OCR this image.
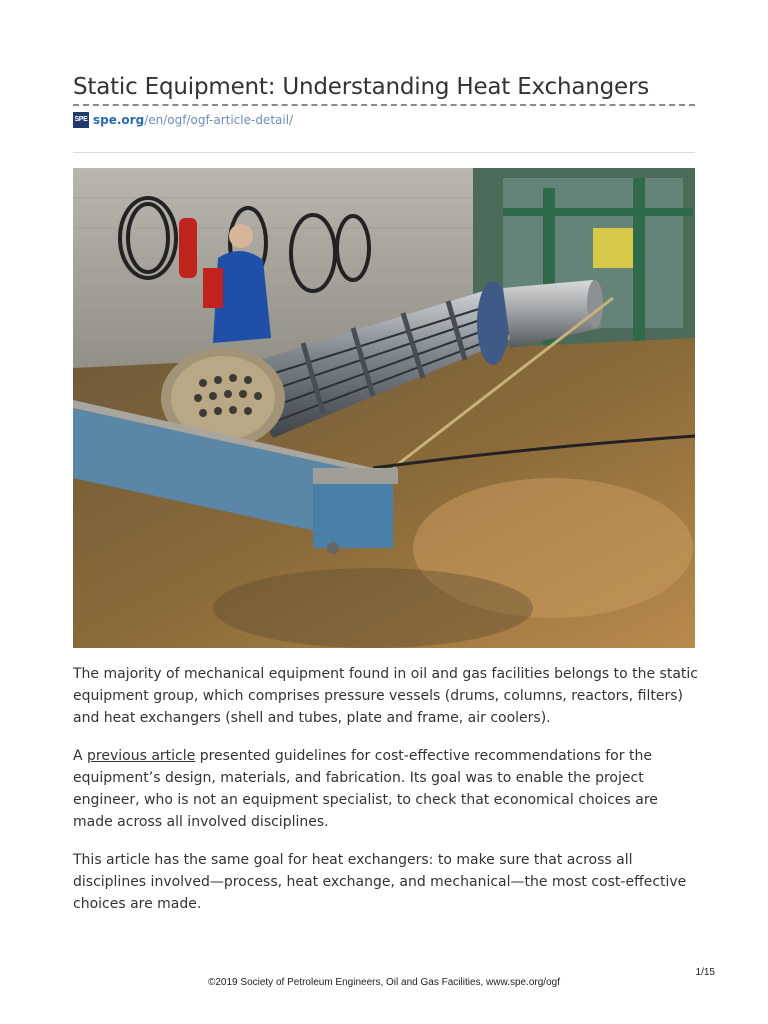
Static Equipment: Understanding Heat Exchangers
SPE spe.org /en/ogf/ogf-article-detail/

The majority of mechanical equipment found in oil and gas facilities belongs to the static equipment group, which comprises pressure vessels (drums, columns, reactors, filters) and heat exchangers (shell and tubes, plate and frame, air coolers).

A previous article presented guidelines for cost-effective recommendations for the equipment’s design, materials, and fabrication. Its goal was to enable the project engineer, who is not an equipment specialist, to check that economical choices are made across all involved disciplines.

This article has the same goal for heat exchangers: to make sure that across all disciplines involved—process, heat exchange, and mechanical—the most cost-effective choices are made.

1/15
©2019 Society of Petroleum Engineers, Oil and Gas Facilities, www.spe.org/ogf
